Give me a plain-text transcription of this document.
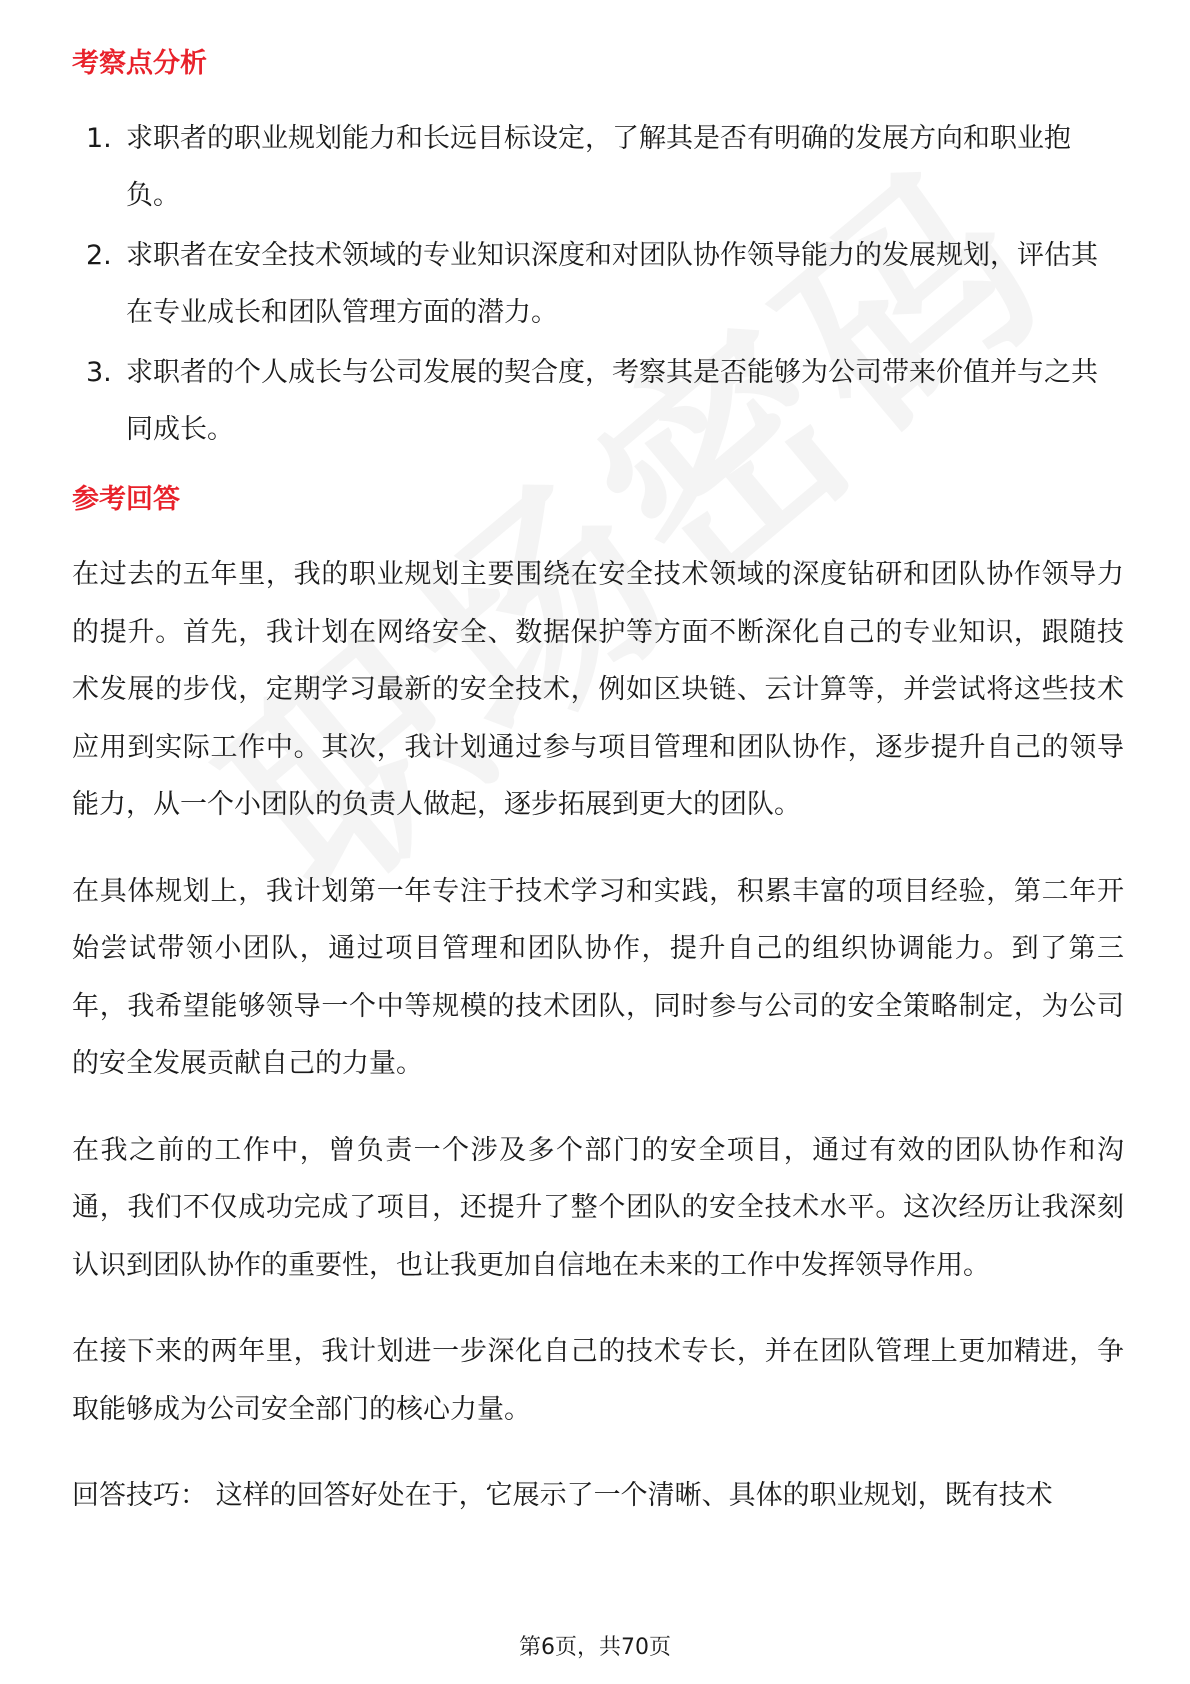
考察点分析
1. 求职者的职业规划能力和长远目标设定，了解其是否有明确的发展方向和职业抱负。
2. 求职者在安全技术领域的专业知识深度和对团队协作领导能力的发展规划，评估其在专业成长和团队管理方面的潜力。
3. 求职者的个人成长与公司发展的契合度，考察其是否能够为公司带来价值并与之共同成长。
参考回答

在过去的五年里，我的职业规划主要围绕在安全技术领域的深度钻研和团队协作领导力的提升。首先，我计划在网络安全、数据保护等方面不断深化自己的专业知识，跟随技术发展的步伐，定期学习最新的安全技术，例如区块链、云计算等，并尝试将这些技术应用到实际工作中。其次，我计划通过参与项目管理和团队协作，逐步提升自己的领导能力，从一个小团队的负责人做起，逐步拓展到更大的团队。

在具体规划上，我计划第一年专注于技术学习和实践，积累丰富的项目经验，第二年开始尝试带领小团队，通过项目管理和团队协作，提升自己的组织协调能力。到了第三年，我希望能够领导一个中等规模的技术团队，同时参与公司的安全策略制定，为公司的安全发展贡献自己的力量。

在我之前的工作中，曾负责一个涉及多个部门的安全项目，通过有效的团队协作和沟通，我们不仅成功完成了项目，还提升了整个团队的安全技术水平。这次经历让我深刻认识到团队协作的重要性，也让我更加自信地在未来的工作中发挥领导作用。

在接下来的两年里，我计划进一步深化自己的技术专长，并在团队管理上更加精进，争取能够成为公司安全部门的核心力量。

回答技巧： 这样的回答好处在于，它展示了一个清晰、具体的职业规划，既有技术

第6页，共70页
